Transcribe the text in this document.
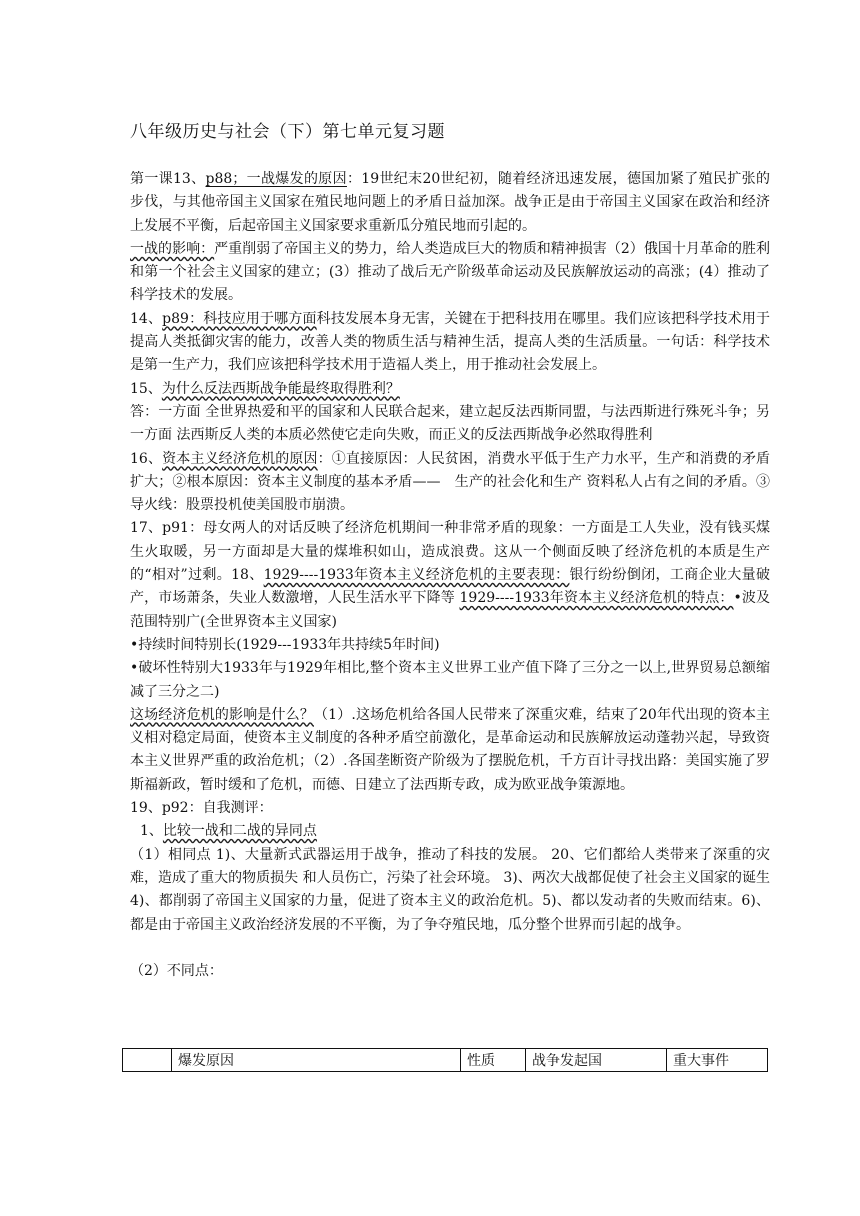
八年级历史与社会（下）第七单元复习题

第一课13、p88；一战爆发的原因：19世纪末20世纪初，随着经济迅速发展，德国加紧了殖民扩张的步伐，与其他帝国主义国家在殖民地问题上的矛盾日益加深。战争正是由于帝国主义国家在政治和经济上发展不平衡，后起帝国主义国家要求重新瓜分殖民地而引起的。

一战的影响：严重削弱了帝国主义的势力，给人类造成巨大的物质和精神损害（2）俄国十月革命的胜利和第一个社会主义国家的建立；(3）推动了战后无产阶级革命运动及民族解放运动的高涨；(4）推动了科学技术的发展。

14、p89：科技应用于哪方面科技发展本身无害，关键在于把科技用在哪里。我们应该把科学技术用于提高人类抵御灾害的能力，改善人类的物质生活与精神生活，提高人类的生活质量。一句话：科学技术是第一生产力，我们应该把科学技术用于造福人类上，用于推动社会发展上。

15、为什么反法西斯战争能最终取得胜利？

答：一方面 全世界热爱和平的国家和人民联合起来，建立起反法西斯同盟，与法西斯进行殊死斗争；另一方面 法西斯反人类的本质必然使它走向失败，而正义的反法西斯战争必然取得胜利

16、资本主义经济危机的原因：①直接原因：人民贫困，消费水平低于生产力水平，生产和消费的矛盾扩大；②根本原因：资本主义制度的基本矛盾——　生产的社会化和生产 资料私人占有之间的矛盾。③导火线：股票投机使美国股市崩溃。

17、p91：母女两人的对话反映了经济危机期间一种非常矛盾的现象：一方面是工人失业，没有钱买煤生火取暖，另一方面却是大量的煤堆积如山，造成浪费。这从一个侧面反映了经济危机的本质是生产的“相对”过剩。18、1929----1933年资本主义经济危机的主要表现：银行纷纷倒闭，工商企业大量破产，市场萧条，失业人数激增，人民生活水平下降等 1929----1933年资本主义经济危机的特点：•波及范围特别广(全世界资本主义国家)

•持续时间特别长(1929---1933年共持续5年时间)

•破坏性特别大1933年与1929年相比,整个资本主义世界工业产值下降了三分之一以上,世界贸易总额缩减了三分之二)

这场经济危机的影响是什么？（1）.这场危机给各国人民带来了深重灾难，结束了20年代出现的资本主义相对稳定局面，使资本主义制度的各种矛盾空前激化，是革命运动和民族解放运动蓬勃兴起，导致资本主义世界严重的政治危机；（2）.各国垄断资产阶级为了摆脱危机，千方百计寻找出路：美国实施了罗斯福新政，暂时缓和了危机，而德、日建立了法西斯专政，成为欧亚战争策源地。

19、p92：自我测评：

1、比较一战和二战的异同点

（1）相同点 1)、大量新式武器运用于战争，推动了科技的发展。 20、它们都给人类带来了深重的灾难，造成了重大的物质损失 和人员伤亡，污染了社会环境。 3)、两次大战都促使了社会主义国家的诞生 4)、都削弱了帝国主义国家的力量，促进了资本主义的政治危机。5)、都以发动者的失败而结束。6)、都是由于帝国主义政治经济发展的不平衡，为了争夺殖民地，瓜分整个世界而引起的战争。

（2）不同点：

	爆发原因	性质	战争发起国	重大事件
